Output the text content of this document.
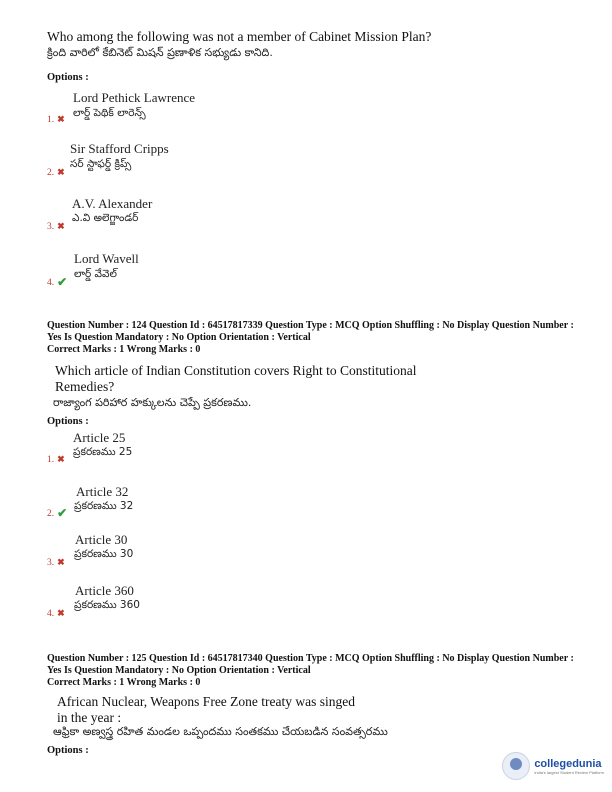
Who among the following was not a member of Cabinet Mission Plan?
క్రింది వారిలో కేబినెట్ మిషన్ ప్రణాళిక సభ్యుడు కానిది.
Options :
Lord Pethick Lawrence
లార్డ్ పెథిక్ లారెన్స్
1. ✖
Sir Stafford Cripps
సర్ స్టాఫర్డ్ క్రిప్స్
2. ✖
A.V. Alexander
ఎ.వి అలెగ్జాండర్
3. ✖
Lord Wavell
లార్డ్ వేవెల్
4. ✔
Question Number : 124 Question Id : 64517817339 Question Type : MCQ Option Shuffling : No Display Question Number :
Yes Is Question Mandatory : No Option Orientation : Vertical
Correct Marks : 1 Wrong Marks : 0
Which article of Indian Constitution covers Right to Constitutional
Remedies?
రాజ్యాంగ పరిహార హక్కులను చెప్పే ప్రకరణము.
Options :
Article 25
ప్రకరణము 25
1. ✖
Article 32
ప్రకరణము 32
2. ✔
Article 30
ప్రకరణము 30
3. ✖
Article 360
ప్రకరణము 360
4. ✖
Question Number : 125 Question Id : 64517817340 Question Type : MCQ Option Shuffling : No Display Question Number :
Yes Is Question Mandatory : No Option Orientation : Vertical
Correct Marks : 1 Wrong Marks : 0
African Nuclear, Weapons Free Zone treaty was singed
in the year :
ఆఫ్రికా అణ్వస్త్ర రహిత మండల ఒప్పందము సంతకము చేయబడిన సంవత్సరము
Options :
collegedunia
India's largest Student Review Platform
